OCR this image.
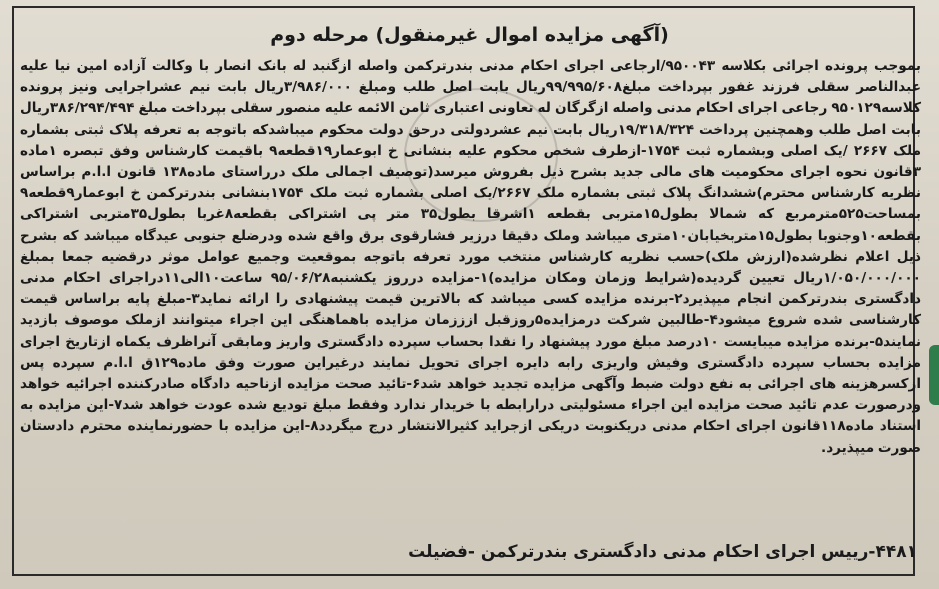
(آگهی مزایده اموال غیرمنقول) مرحله دوم
بموجب پرونده اجرائی بکلاسه ۹۵۰۰۴۳/ارجاعی اجرای احکام مدنی بندرترکمن واصله ازگنبد له بانک انصار با وکالت آزاده امین نیا علیه عبدالناصر سقلی فرزند غفور بپرداخت مبلغ۹۹/۹۹۵/۶۰۸ریال بابت اصل طلب ومبلغ ۳/۹۸۶/۰۰۰ریال بابت نیم عشراجرایی ونیز پرونده کلاسه۹۵۰۱۲۹ رجاعی اجرای احکام مدنی واصله ازگرگان له تعاونی اعتباری ثامن الائمه علیه منصور سقلی بپرداخت مبلغ ۳۸۶/۲۹۴/۴۹۴ریال بابت اصل طلب وهمچنین پرداخت ۱۹/۳۱۸/۳۲۴ریال بابت نیم عشردولتی درحق دولت محکوم میباشدکه باتوجه به تعرفه پلاک ثبتی بشماره ملک ۲۶۶۷ /یک اصلی وبشماره ثبت ۱۷۵۴-ازطرف شخص محکوم علیه بنشانی خ ابوعمار۱۹قطعه۹ باقیمت کارشناس وفق تبصره ۱ماده ۳قانون نحوه اجرای محکومیت های مالی جدید بشرح ذیل بفروش میرسد(توصیف اجمالی ملک درراستای ماده۱۳۸ قانون ا.ا.م براساس نظریه کارشناس محترم)ششدانگ پلاک ثبتی بشماره ملک ۲۶۶۷/یک اصلی بشماره ثبت ملک ۱۷۵۴بنشانی بندرترکمن خ ابوعمار۹قطعه۹ بمساحت۵۲۵مترمربع که شمالا بطول۱۵متربی بقطعه ۱اشرقا بطول۳۵ متر پی اشتراکی بقطعه۸غربا بطول۳۵متربی اشتراکی بقطعه۱۰وجنوبا بطول۱۵متربخیابان۱۰متری میباشد وملک دقیقا درزیر فشارقوی برق واقع شده ودرضلع جنوبی عیدگاه میباشد که بشرح ذیل اعلام نظرشده(ارزش ملک)حسب نظریه کارشناس منتخب مورد تعرفه باتوجه بموقعیت وجمیع عوامل موثر درقضیه جمعا بمبلغ ۱/۰۵۰/۰۰۰/۰۰۰ریال تعیین گردیده(شرایط وزمان ومکان مزایده)۱-مزایده درروز یکشنبه۹۵/۰۶/۲۸ ساعت۱۰الی۱۱دراجرای احکام مدنی دادگستری بندرترکمن انجام میپذیرد۲-برنده مزایده کسی میباشد که بالاترین قیمت پیشنهادی را ارائه نماید۳-مبلغ پایه براساس قیمت کارشناسی شده شروع میشود۴-طالبین شرکت درمزایده۵روزقبل ازززمان مزایده باهماهنگی این اجراء میتوانند ازملک موصوف بازدید نمایند۵-برنده مزایده میبایست ۱۰درصد مبلغ مورد پیشنهاد را نقدا بحساب سپرده دادگستری واریز ومابقی آنراظرف یکماه ازتاریخ اجرای مزایده بحساب سپرده دادگستری وفیش واریزی رابه دایره اجرای تحویل نمایند درغیراین صورت وفق ماده۱۲۹ق ا.ا.م سپرده پس ازکسرهزینه های اجرائی به نفع دولت ضبط وآگهی مزایده تجدید خواهد شد۶-تائید صحت مزایده ازناحیه دادگاه صادرکننده اجرائیه خواهد ودرصورت عدم تائید صحت مزایده این اجراء مسئولیتی درارابطه با خریدار ندارد وفقط مبلغ تودیع شده عودت خواهد شد۷-این مزایده به استناد ماده۱۱۸قانون اجرای احکام مدنی دریکنوبت دریکی ازجراید کثیرالانتشار درج میگردد۸-این مزایده با حضورنماینده محترم دادستان صورت میپذیرد.
۴۴۸۱-رییس اجرای احکام مدنی دادگستری بندرترکمن -فضیلت
